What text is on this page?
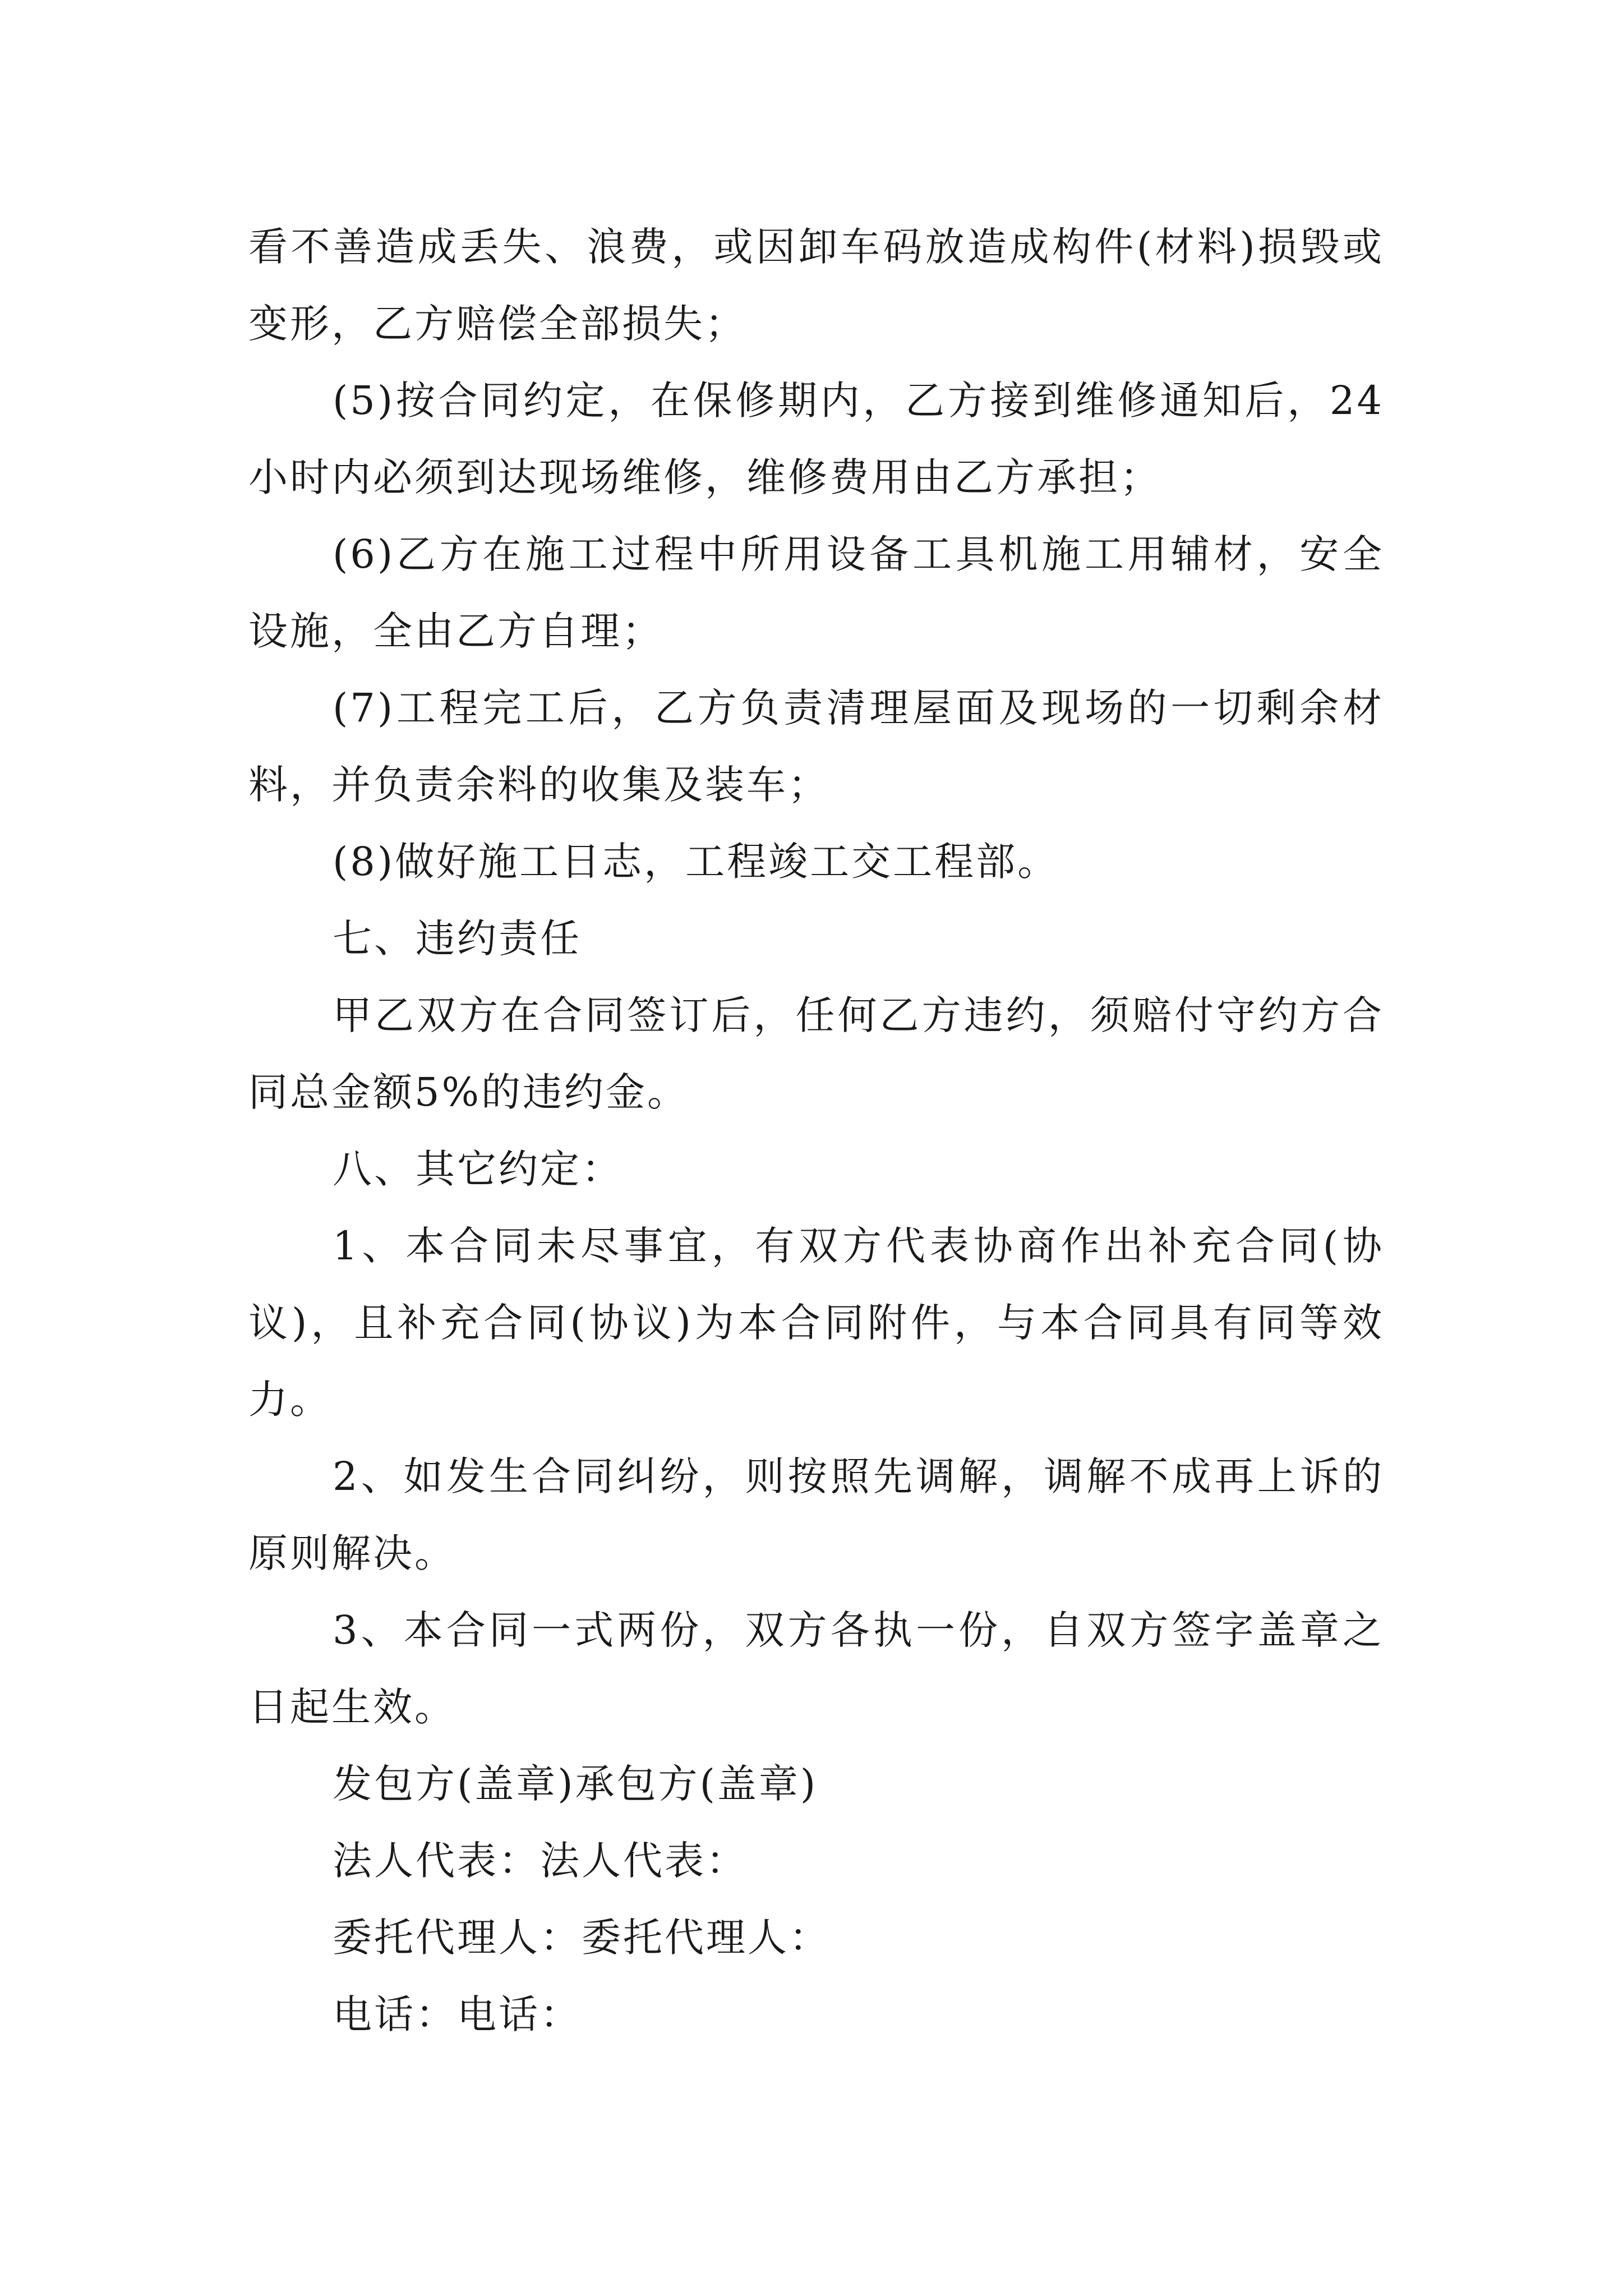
看不善造成丢失、浪费，或因卸车码放造成构件(材料)损毁或变形，乙方赔偿全部损失；

(5)按合同约定，在保修期内，乙方接到维修通知后，24小时内必须到达现场维修，维修费用由乙方承担；

(6)乙方在施工过程中所用设备工具机施工用辅材，安全设施，全由乙方自理；

(7)工程完工后，乙方负责清理屋面及现场的一切剩余材料，并负责余料的收集及装车；

(8)做好施工日志，工程竣工交工程部。

七、违约责任

甲乙双方在合同签订后，任何乙方违约，须赔付守约方合同总金额5%的违约金。

八、其它约定：

1、本合同未尽事宜，有双方代表协商作出补充合同(协议)，且补充合同(协议)为本合同附件，与本合同具有同等效力。

2、如发生合同纠纷，则按照先调解，调解不成再上诉的原则解决。

3、本合同一式两份，双方各执一份，自双方签字盖章之日起生效。

发包方(盖章)承包方(盖章)

法人代表：法人代表：

委托代理人：委托代理人：

电话：电话：
